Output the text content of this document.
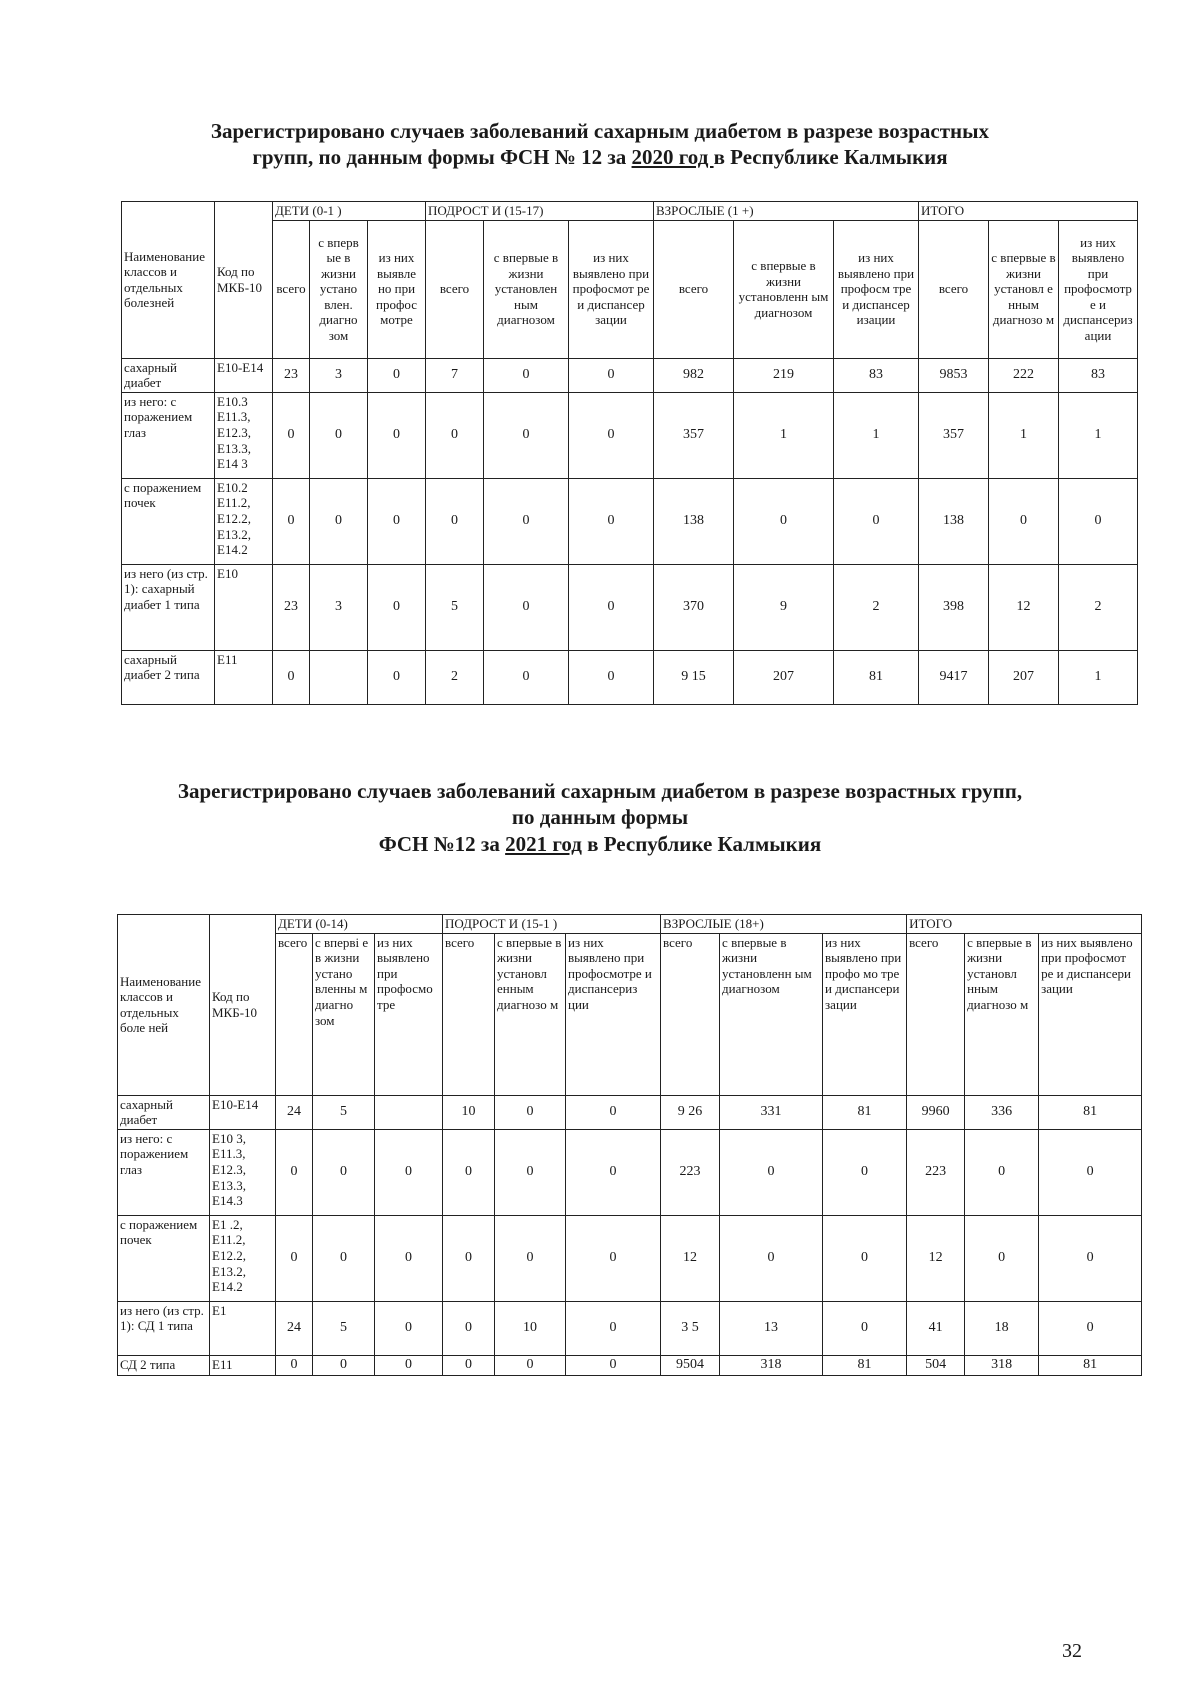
Зарегистрировано случаев заболеваний сахарным диабетом в разрезе возрастных
групп, по данным формы ФСН № 12 за 2020 год в Республике Калмыкия
Наименование классов и отдельных болезней	Код по МКБ-10	ДЕТИ (0-1 )			ПОДРОСТ И (15-17)			ВЗРОСЛЫЕ (1 +)			ИТОГО		
		всего	с вперв ые в жизни устано влен. диагно зом	из них выявле но при профос мотре	всего	с впервые в жизни установлен ным диагнозом	из них выявлено при профосмот ре и диспансер зации	всего	с впервые в жизни установленн ым диагнозом	из них выявлено при профосм тре и диспансер изации	всего	с впервые в жизни установл е нным диагнозо м	из них выявлено при профосмотр е и диспансериз ации
сахарный диабет	E10-E14	23	3	0	7	0	0	982	219	83	9853	222	83
из него: с поражением глаз	E10.3 E11.3, E12.3, E13.3, E14 3	0	0	0	0	0	0	357	1	1	357	1	1
с поражением почек	E10.2 E11.2, E12.2, E13.2, E14.2	0	0	0	0	0	0	138	0	0	138	0	0
из него (из стр. 1): сахарный диабет 1 типа	E10	23	3	0	5	0	0	370	9	2	398	12	2
сахарный диабет 2 типа	E11	0		0	2	0	0	9 15	207	81	9417	207	1
Зарегистрировано случаев заболеваний сахарным диабетом в разрезе возрастных групп,
по данным формы
ФСН №12 за 2021 год в Республике Калмыкия
Наименование классов и отдельных боле ней	Код по МКБ-10	ДЕТИ (0-14)			ПОДРОСТ И (15-1 )			ВЗРОСЛЫЕ (18+)			ИТОГО		
		всего	с вперві е в жизни устано вленны м диагно зом	из них выявлено при профосмо тре	всего	с впервые в жизни установл енным диагнозо м	из них выявлено при профосмотре и диспансериз ции	всего	с впервые в жизни установленн ым диагнозом	из них выявлено при профо мо тре и диспансери зации	всего	с впервые в жизни установл нным диагнозо м	из них выявлено при профосмот ре и диспансери зации
сахарный диабет	E10-E14	24	5		10	0	0	9 26	331	81	9960	336	81
из него: с поражением глаз	E10 3, E11.3, E12.3, E13.3, E14.3	0	0	0	0	0	0	223	0	0	223	0	0
с поражением почек	E1 .2, E11.2, E12.2, E13.2, E14.2	0	0	0	0	0	0	12	0	0	12	0	0
из него (из стр. 1): СД 1 типа	E1	24	5	0	0	10	0	3 5	13	0	41	18	0
СД 2 типа	E11	0	0	0	0	0	0	9504	318	81	504	318	81
32
